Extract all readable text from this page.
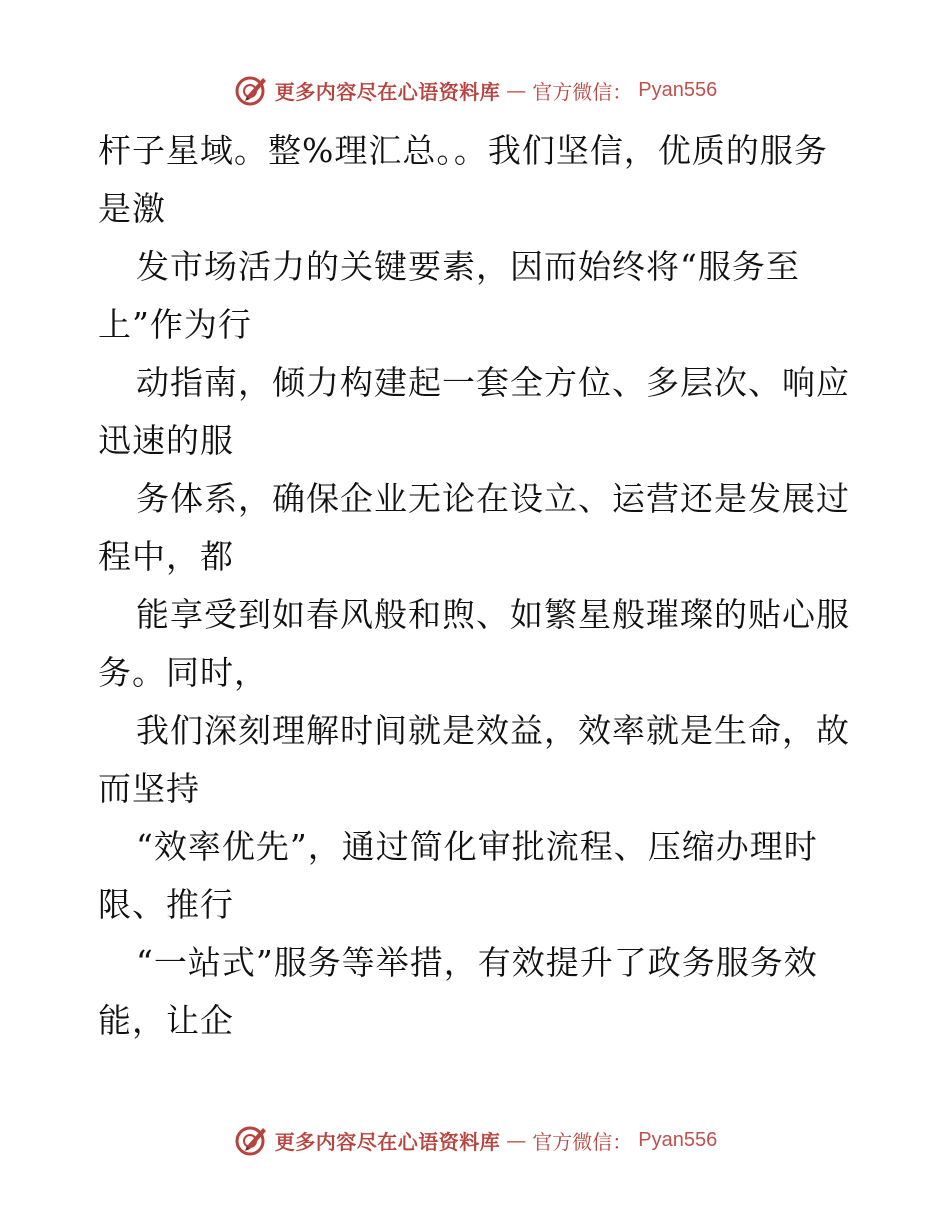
更多内容尽在心语资料库 — 官方微信： Pyan556
杆子星域。整%理汇总。。我们坚信，优质的服务
是激
发市场活力的关键要素，因而始终将“服务至
上”作为行
动指南，倾力构建起一套全方位、多层次、响应
迅速的服
务体系，确保企业无论在设立、运营还是发展过
程中，都
能享受到如春风般和煦、如繁星般璀璨的贴心服
务。同时，
我们深刻理解时间就是效益，效率就是生命，故
而坚持
“效率优先”，通过简化审批流程、压缩办理时
限、推行
“一站式”服务等举措，有效提升了政务服务效
能，让企
更多内容尽在心语资料库 — 官方微信： Pyan556
